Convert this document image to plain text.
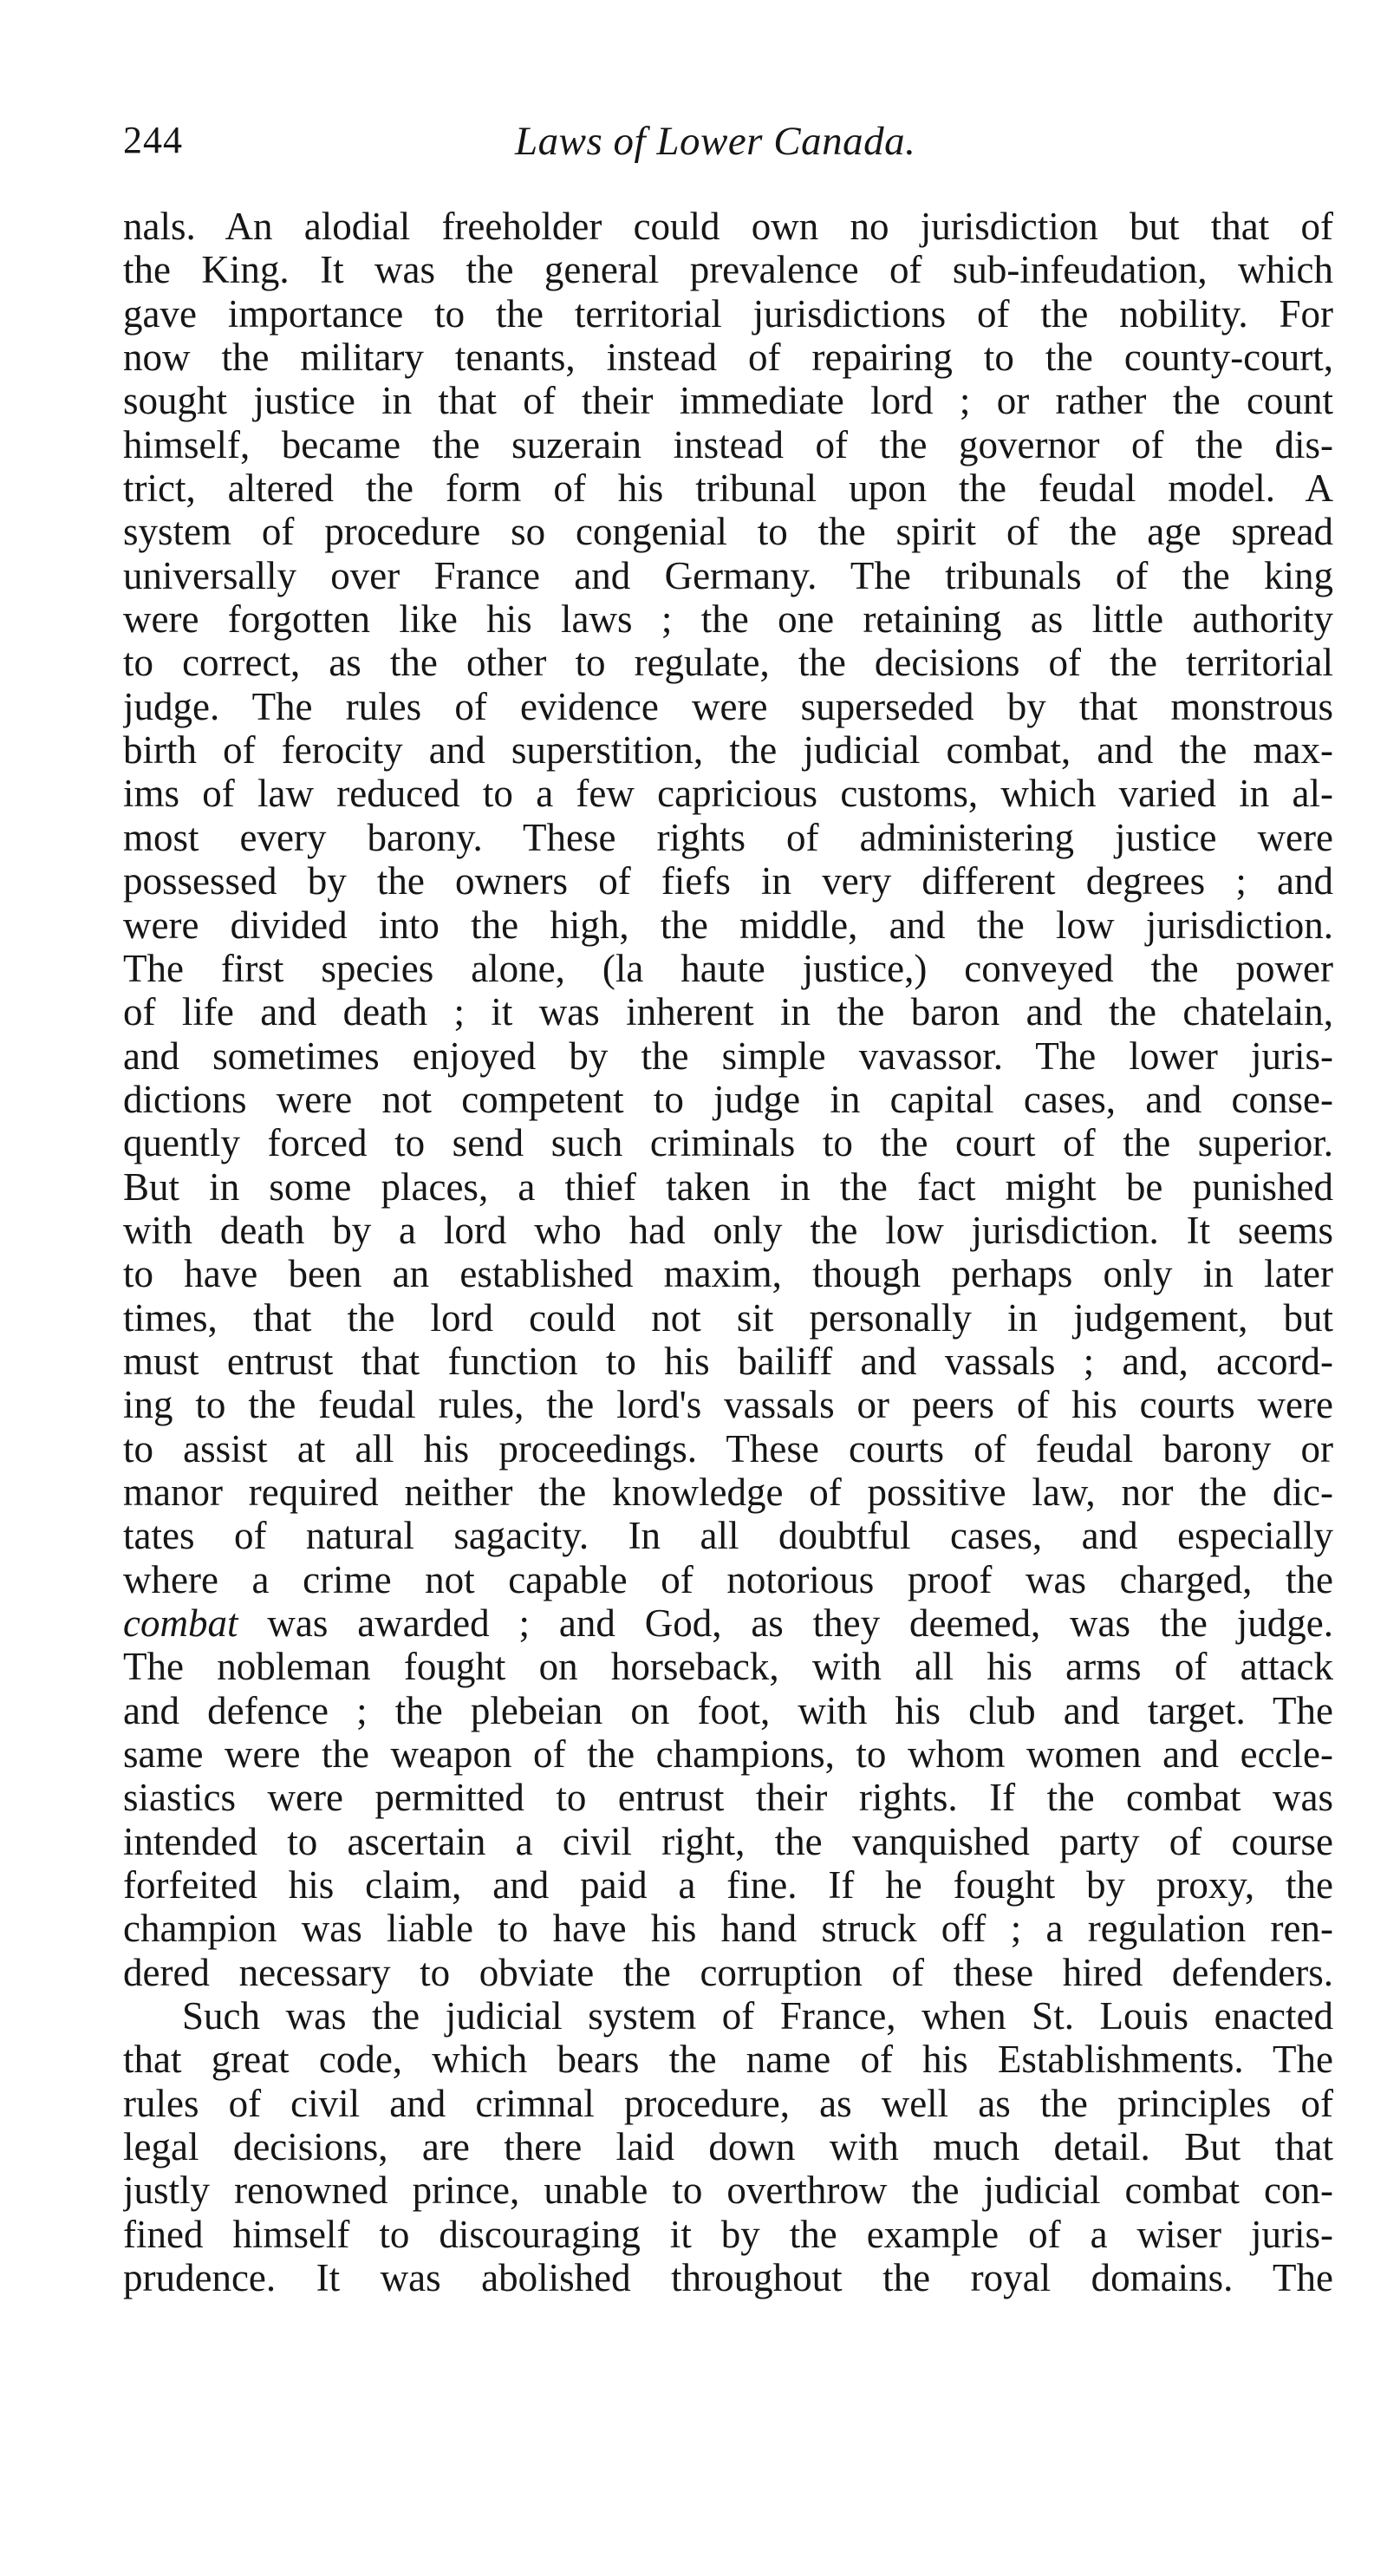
244	Laws of Lower Canada.
nals. An alodial freeholder could own no jurisdiction but that of
the King. It was the general prevalence of sub-infeudation, which
gave importance to the territorial jurisdictions of the nobility. For
now the military tenants, instead of repairing to the county-court,
sought justice in that of their immediate lord ; or rather the count
himself, became the suzerain instead of the governor of the dis-
trict, altered the form of his tribunal upon the feudal model. A
system of procedure so congenial to the spirit of the age spread
universally over France and Germany. The tribunals of the king
were forgotten like his laws ; the one retaining as little authority
to correct, as the other to regulate, the decisions of the territorial
judge. The rules of evidence were superseded by that monstrous
birth of ferocity and superstition, the judicial combat, and the max-
ims of law reduced to a few capricious customs, which varied in al-
most every barony. These rights of administering justice were
possessed by the owners of fiefs in very different degrees ; and
were divided into the high, the middle, and the low jurisdiction.
The first species alone, (la haute justice,) conveyed the power
of life and death ; it was inherent in the baron and the chatelain,
and sometimes enjoyed by the simple vavassor. The lower juris-
dictions were not competent to judge in capital cases, and conse-
quently forced to send such criminals to the court of the superior.
But in some places, a thief taken in the fact might be punished
with death by a lord who had only the low jurisdiction. It seems
to have been an established maxim, though perhaps only in later
times, that the lord could not sit personally in judgement, but
must entrust that function to his bailiff and vassals ; and, accord-
ing to the feudal rules, the lord's vassals or peers of his courts were
to assist at all his proceedings. These courts of feudal barony or
manor required neither the knowledge of possitive law, nor the dic-
tates of natural sagacity. In all doubtful cases, and especially
where a crime not capable of notorious proof was charged, the
combat was awarded ; and God, as they deemed, was the judge.
The nobleman fought on horseback, with all his arms of attack
and defence ; the plebeian on foot, with his club and target. The
same were the weapon of the champions, to whom women and eccle-
siastics were permitted to entrust their rights. If the combat was
intended to ascertain a civil right, the vanquished party of course
forfeited his claim, and paid a fine. If he fought by proxy, the
champion was liable to have his hand struck off ; a regulation ren-
dered necessary to obviate the corruption of these hired defenders.
Such was the judicial system of France, when St. Louis enacted
that great code, which bears the name of his Establishments. The
rules of civil and crimnal procedure, as well as the principles of
legal decisions, are there laid down with much detail. But that
justly renowned prince, unable to overthrow the judicial combat con-
fined himself to discouraging it by the example of a wiser juris-
prudence. It was abolished throughout the royal domains. The
